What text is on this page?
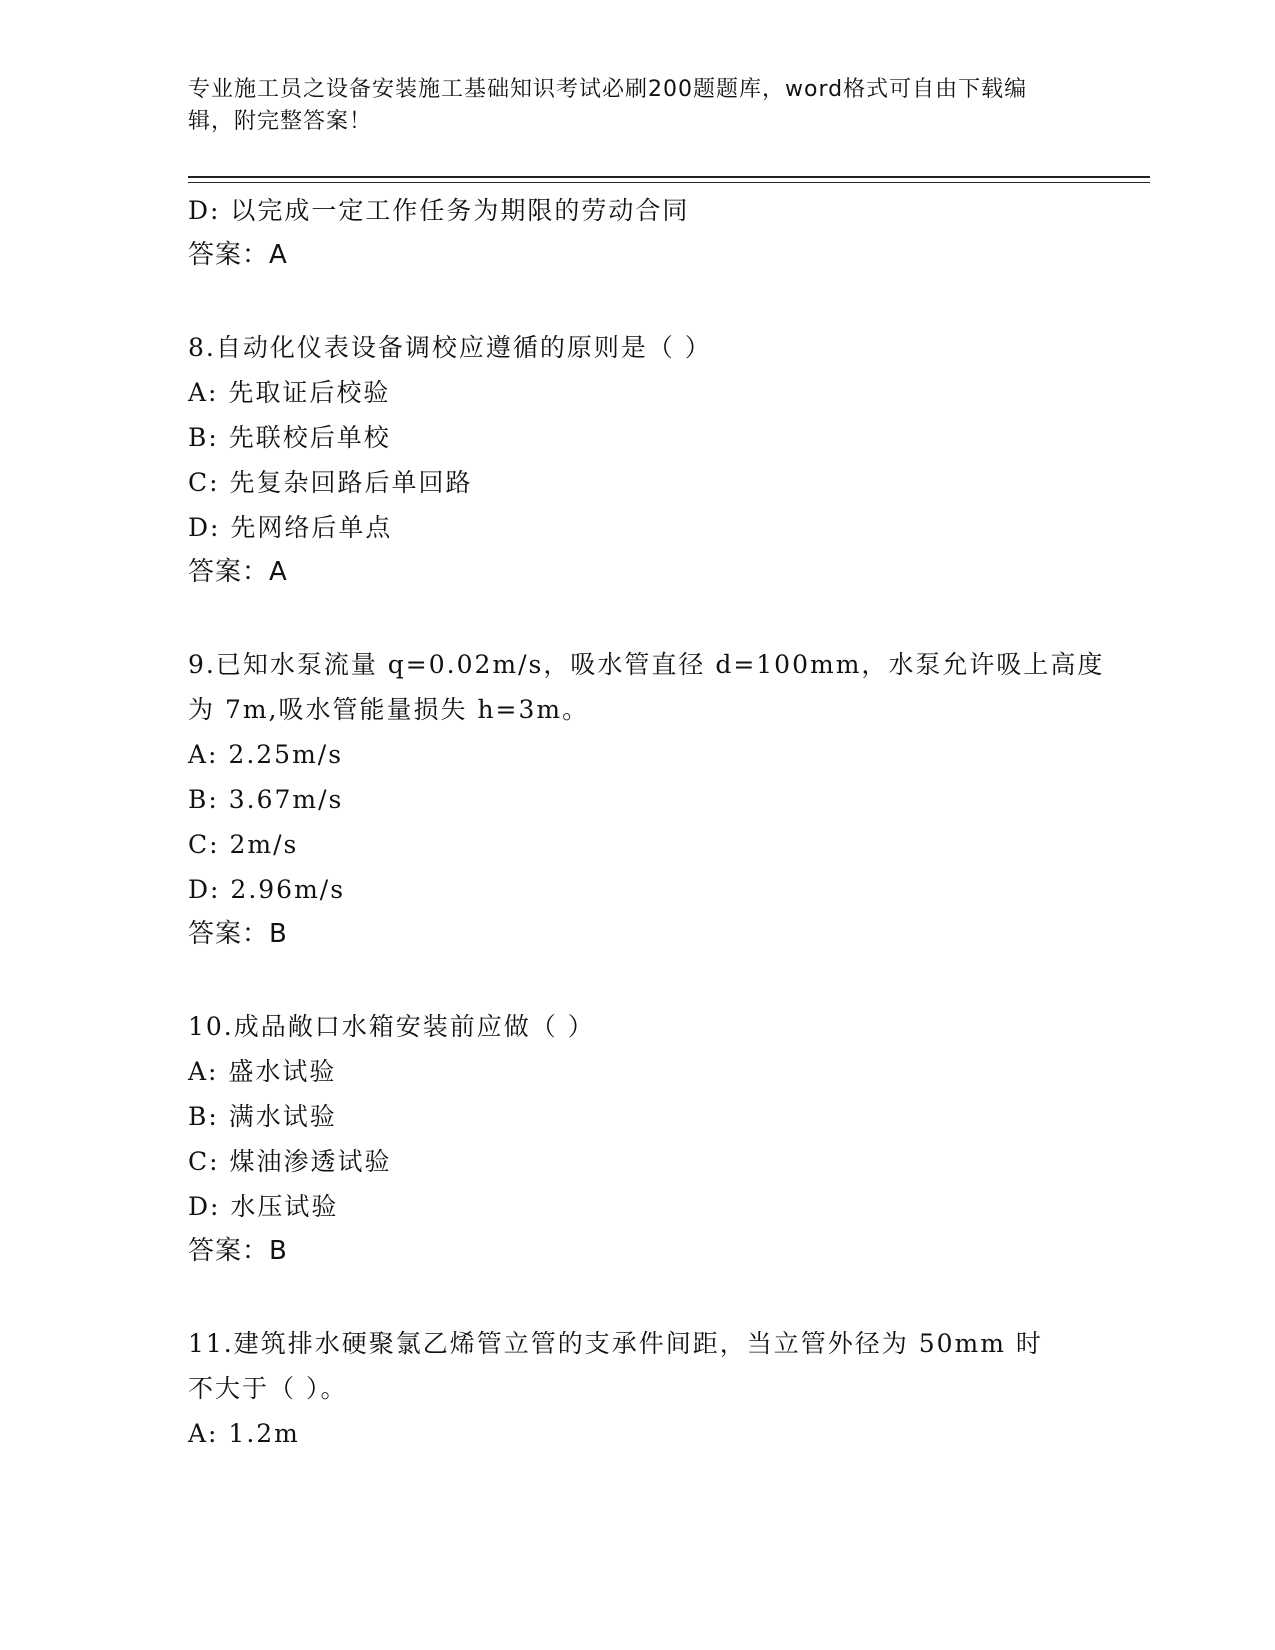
专业施工员之设备安装施工基础知识考试必刷200题题库，word格式可自由下载编辑，附完整答案！
D: 以完成一定工作任务为期限的劳动合同
答案：A
8.自动化仪表设备调校应遵循的原则是（ ）
A: 先取证后校验
B: 先联校后单校
C: 先复杂回路后单回路
D: 先网络后单点
答案：A
9.已知水泵流量 q=0.02m/s，吸水管直径 d=100mm，水泵允许吸上高度
为 7m,吸水管能量损失 h=3m。
A: 2.25m/s
B: 3.67m/s
C: 2m/s
D: 2.96m/s
答案：B
10.成品敞口水箱安装前应做（ ）
A: 盛水试验
B: 满水试验
C: 煤油渗透试验
D: 水压试验
答案：B
11.建筑排水硬聚氯乙烯管立管的支承件间距，当立管外径为 50mm 时
不大于（ ）。
A: 1.2m
